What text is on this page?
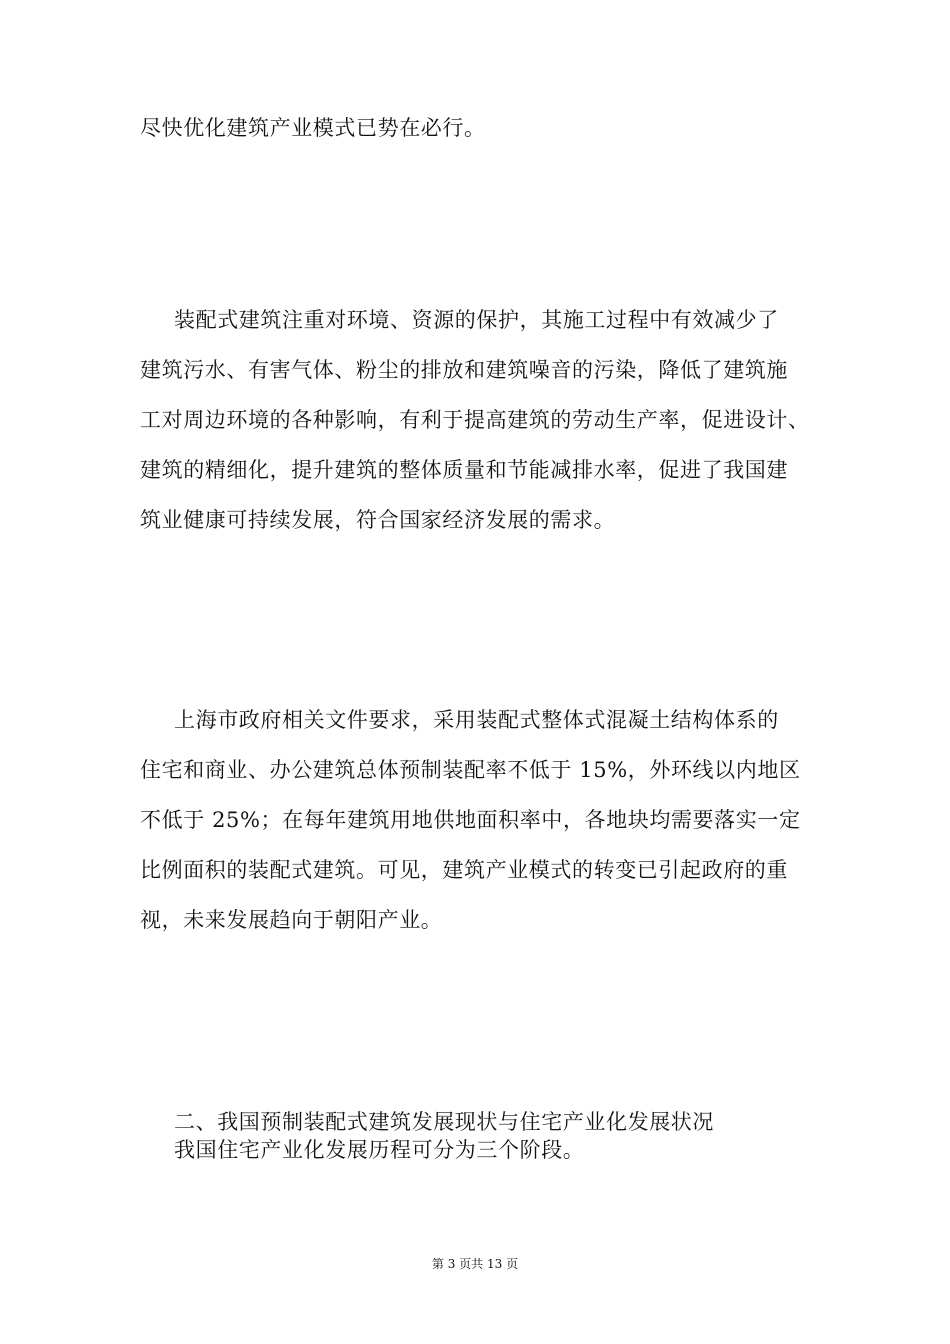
尽快优化建筑产业模式已势在必行。
装配式建筑注重对环境、资源的保护，其施工过程中有效减少了
建筑污水、有害气体、粉尘的排放和建筑噪音的污染，降低了建筑施
工对周边环境的各种影响，有利于提高建筑的劳动生产率，促进设计、
建筑的精细化，提升建筑的整体质量和节能减排水率，促进了我国建
筑业健康可持续发展，符合国家经济发展的需求。
上海市政府相关文件要求，采用装配式整体式混凝土结构体系的
住宅和商业、办公建筑总体预制装配率不低于 15%，外环线以内地区
不低于 25%；在每年建筑用地供地面积率中，各地块均需要落实一定
比例面积的装配式建筑。可见，建筑产业模式的转变已引起政府的重
视，未来发展趋向于朝阳产业。
二、我国预制装配式建筑发展现状与住宅产业化发展状况
我国住宅产业化发展历程可分为三个阶段。
第 3 页共 13 页
